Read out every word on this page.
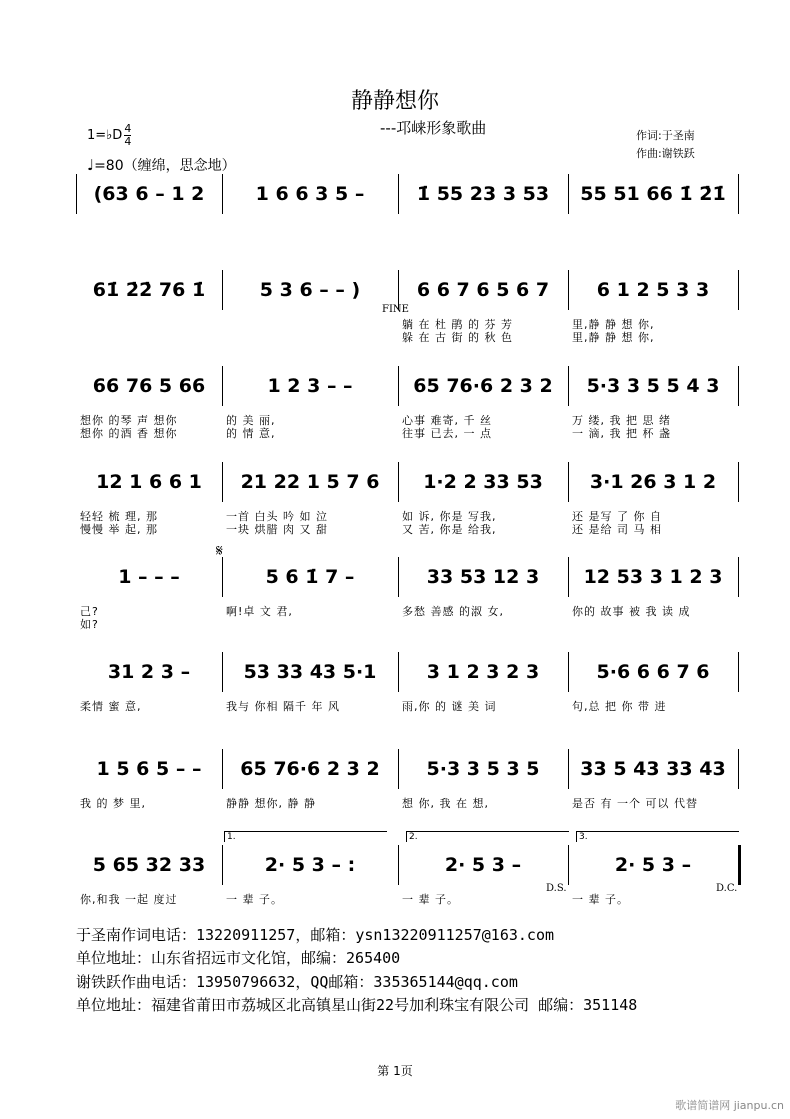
静静想你
---邛崃形象歌曲	作词:于圣南
作曲:谢铁跃
1=♭D $\frac{4}{4}$
♩=80（缠绵，思念地）
(63 6 – 1 2	1 6 6 3 5 –	1̇ 55 23 3 53	55 51 66 1̇ 2̇1̇
61̇ 2̇2̇ 76 1̇	5 3 6 – – )	6 6 7 6 5 6 7
躺 在 杜 鹃 的 芬 芳
躲 在 古 街 的 秋 色
6 1 2 5 3 3
里,静 静 想 你,
里,静 静 想 你,
FINE
66 76 5 66
想你 的琴 声 想你
想你 的酒 香 想你
1 2 3 – –
的 美 丽,
的 情 意,
65 76·6 2 3 2
心事 难寄, 千 丝
往事 已去, 一 点
5·3 3 5 5 4 3
万 缕, 我 把 思 绪
一 滴, 我 把 杯 盏
12 1 6 6 1
轻轻 梳 理, 那
慢慢 举 起, 那
21 22 1 5 7 6
一首 白头 吟 如 泣
一块 烘腊 肉 又 甜
1·2 2 33 53
如 诉, 你是 写我,
又 苦, 你是 给我,
3·1 26 3 1 2
还 是写 了 你 自
还 是给 司 马 相
1 – – –
己?
如?
5 6 1̇ 7 –
啊!卓 文 君,
33 53 12 3
多愁 善感 的淑 女,
12 53 3 1 2 3
你的 故事 被 我 读 成
𝄋
31 2 3 –
柔情 蜜 意,
53 33 43 5·1
我与 你相 隔千 年 风
3 1 2 3 2 3
雨,你 的 谜 美 词
5·6 6 6 7 6
句,总 把 你 带 进
1 5 6 5 – –
我 的 梦 里,
65 76·6 2 3 2
静静 想你, 静 静
5·3 3 5 3 5
想 你, 我 在 想,
33 5 43 33 43
是否 有 一个 可以 代替
5 65 32 33
你,和我 一起 度过
2· 5 3 – :
一 辈 子。
2· 5 3 –
一 辈 子。
2· 5 3 –
一 辈 子。
1.	2.	3.
D.S.	D.C.
于圣南作词电话：13220911257，邮箱：ysn13220911257@163.com
单位地址：山东省招远市文化馆，邮编：265400
谢铁跃作曲电话：13950796632，QQ邮箱：335365144@qq.com
单位地址：福建省莆田市荔城区北高镇星山街22号加利珠宝有限公司 邮编：351148
第 1页
歌谱简谱网 jianpu.cn
